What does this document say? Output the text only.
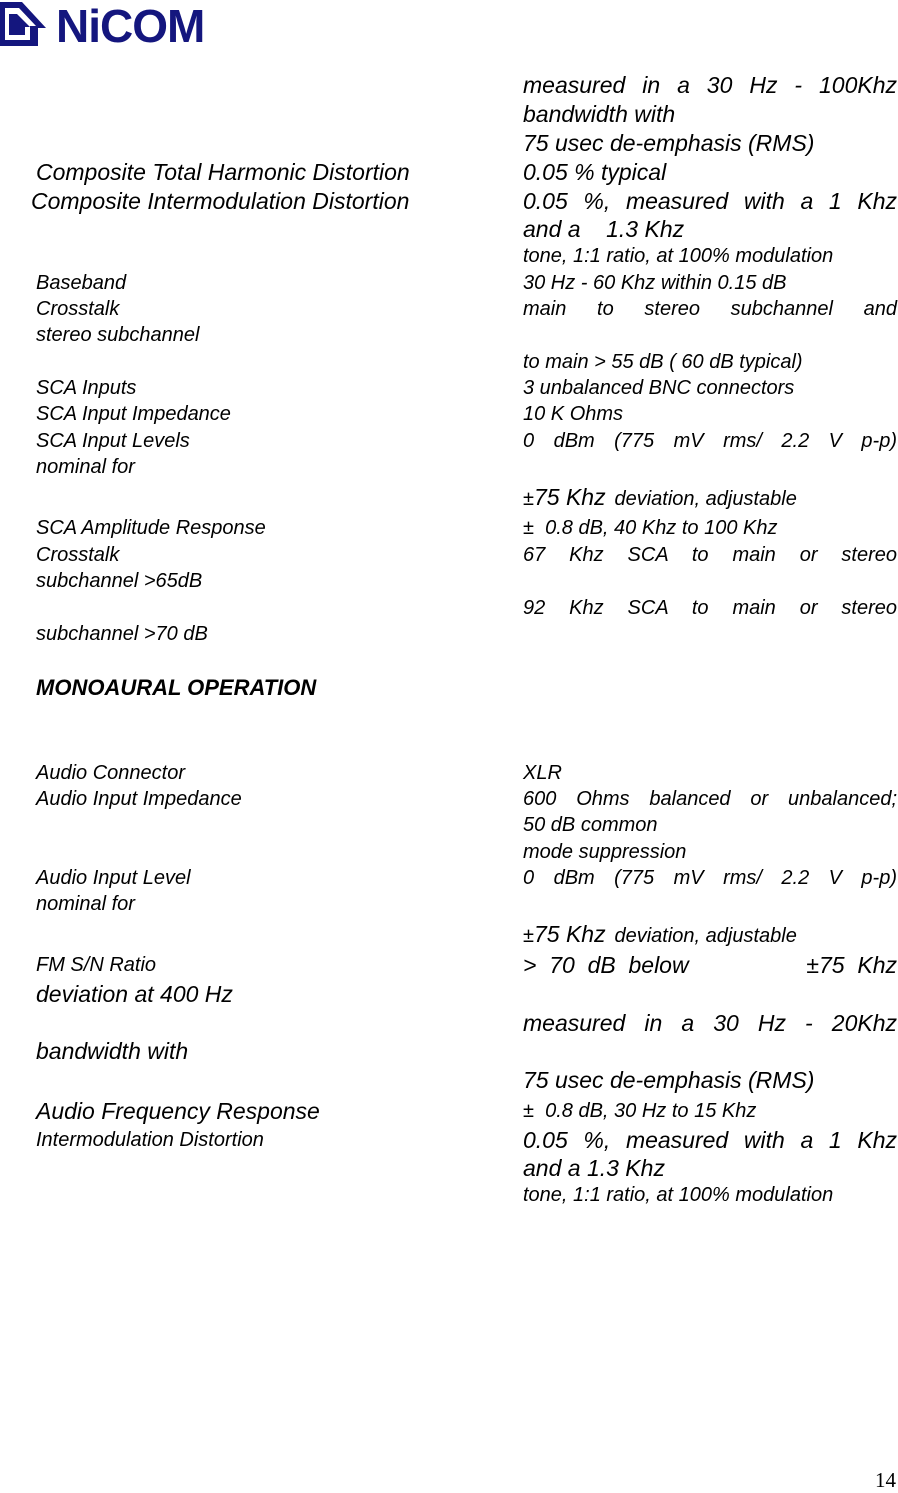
NiCOM
measured in a 30 Hz - 100Khz
bandwidth with
75 usec de-emphasis (RMS)
Composite Total Harmonic Distortion	0.05 % typical
Composite Intermodulation Distortion	0.05 %, measured with a 1 Khz
and a    1.3 Khz
tone, 1:1 ratio, at 100% modulation
Baseband	30 Hz - 60 Khz within 0.15 dB
Crosstalk	main to stereo subchannel and
stereo subchannel
to main > 55 dB ( 60 dB typical)
SCA Inputs	3 unbalanced BNC connectors
SCA Input Impedance	10 K Ohms
SCA Input Levels	0 dBm (775 mV rms/ 2.2 V p-p)
nominal for
±75 Khz deviation, adjustable
SCA Amplitude Response	± 0.8 dB, 40 Khz to 100 Khz
Crosstalk	67 Khz SCA to main or stereo
subchannel >65dB
92 Khz SCA to main or stereo
subchannel >70 dB
MONOAURAL OPERATION
Audio Connector	XLR
Audio Input Impedance	600 Ohms balanced or unbalanced;
50 dB common
mode suppression
Audio Input Level	0 dBm (775 mV rms/ 2.2 V p-p)
nominal for
±75 Khz deviation, adjustable
FM S/N Ratio	>  70  dB  below	±75  Khz
deviation at 400 Hz
measured in a 30 Hz - 20Khz
bandwidth with
75 usec de-emphasis (RMS)
Audio Frequency Response	± 0.8 dB, 30 Hz to 15 Khz
Intermodulation Distortion	0.05 %, measured with a 1 Khz
and a 1.3 Khz
tone, 1:1 ratio, at 100% modulation
14
